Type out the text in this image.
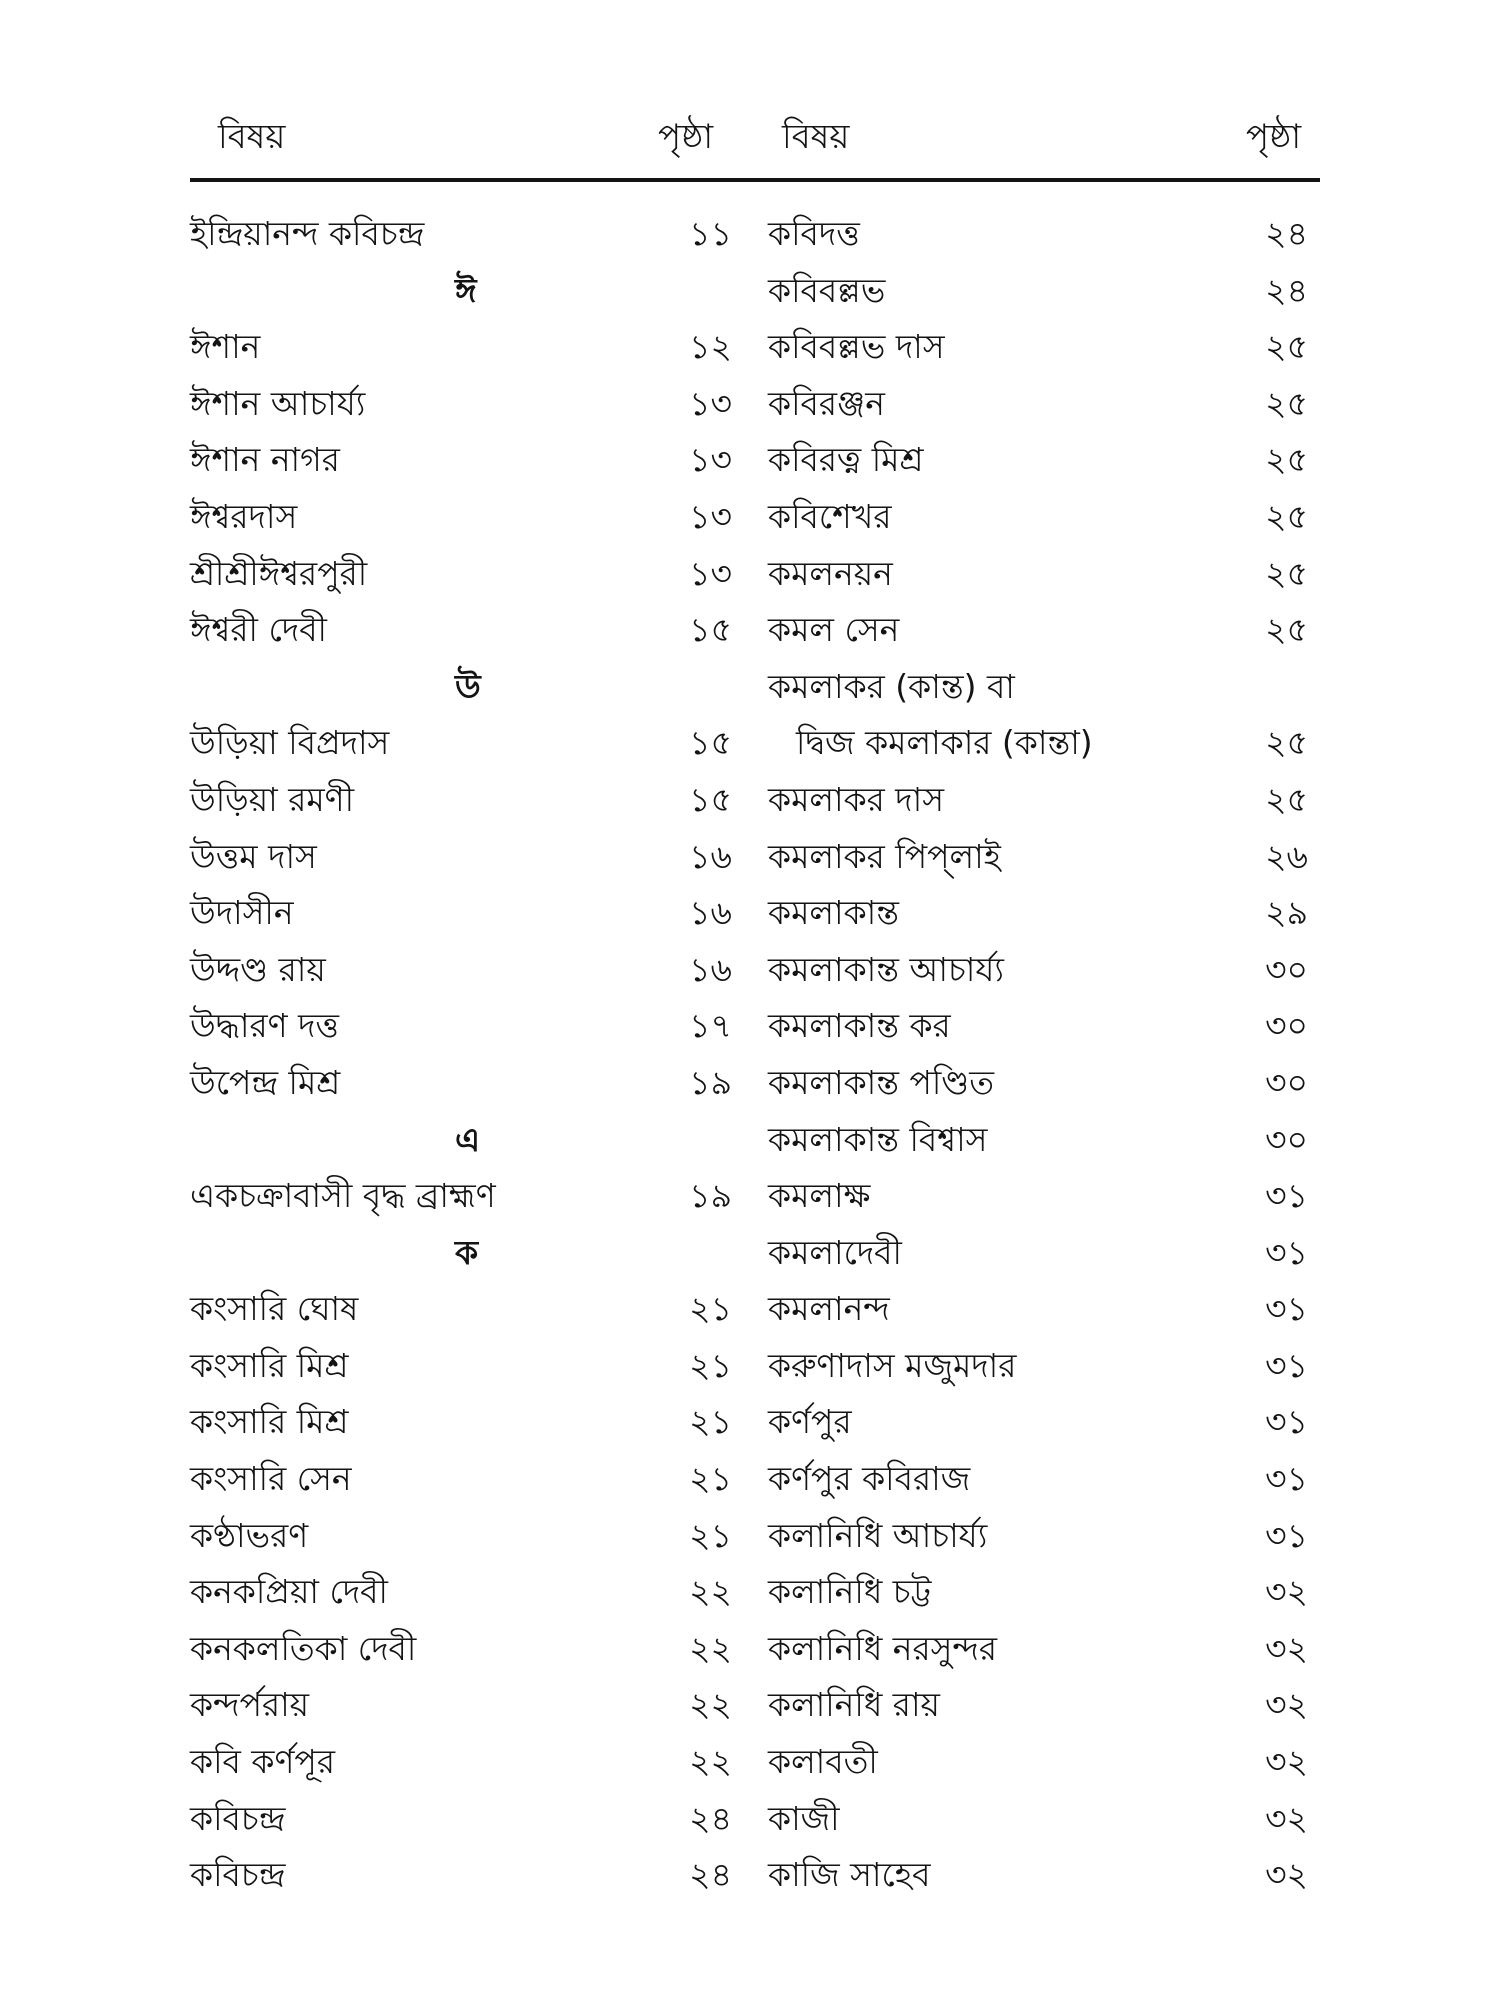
বিষয়	পৃষ্ঠা বিষয়	পৃষ্ঠা
ইন্দ্রিয়ানন্দ কবিচন্দ্র	১১
ঈ
ঈশান	১২
ঈশান আচার্য্য	১৩
ঈশান নাগর	১৩
ঈশ্বরদাস	১৩
শ্রীশ্রীঈশ্বরপুরী	১৩
ঈশ্বরী দেবী	১৫
উ
উড়িয়া বিপ্রদাস	১৫
উড়িয়া রমণী	১৫
উত্তম দাস	১৬
উদাসীন	১৬
উদ্দণ্ড রায়	১৬
উদ্ধারণ দত্ত	১৭
উপেন্দ্র মিশ্র	১৯
এ
একচক্রাবাসী বৃদ্ধ ব্রাহ্মণ	১৯
ক
কংসারি ঘোষ	২১
কংসারি মিশ্র	২১
কংসারি মিশ্র	২১
কংসারি সেন	২১
কণ্ঠাভরণ	২১
কনকপ্রিয়া দেবী	২২
কনকলতিকা দেবী	২২
কন্দর্পরায়	২২
কবি কর্ণপূর	২২
কবিচন্দ্র	২৪
কবিচন্দ্র	২৪
কবিদত্ত	২৪
কবিবল্লভ	২৪
কবিবল্লভ দাস	২৫
কবিরঞ্জন	২৫
কবিরত্ন মিশ্র	২৫
কবিশেখর	২৫
কমলনয়ন	২৫
কমল সেন	২৫
কমলাকর (কান্ত) বা
দ্বিজ কমলাকার (কান্তা)	২৫
কমলাকর দাস	২৫
কমলাকর পিপ্‌লাই	২৬
কমলাকান্ত	২৯
কমলাকান্ত আচার্য্য	৩০
কমলাকান্ত কর	৩০
কমলাকান্ত পণ্ডিত	৩০
কমলাকান্ত বিশ্বাস	৩০
কমলাক্ষ	৩১
কমলাদেবী	৩১
কমলানন্দ	৩১
করুণাদাস মজুমদার	৩১
কর্ণপুর	৩১
কর্ণপুর কবিরাজ	৩১
কলানিধি আচার্য্য	৩১
কলানিধি চট্ট	৩২
কলানিধি নরসুন্দর	৩২
কলানিধি রায়	৩২
কলাবতী	৩২
কাজী	৩২
কাজি সাহেব	৩২
